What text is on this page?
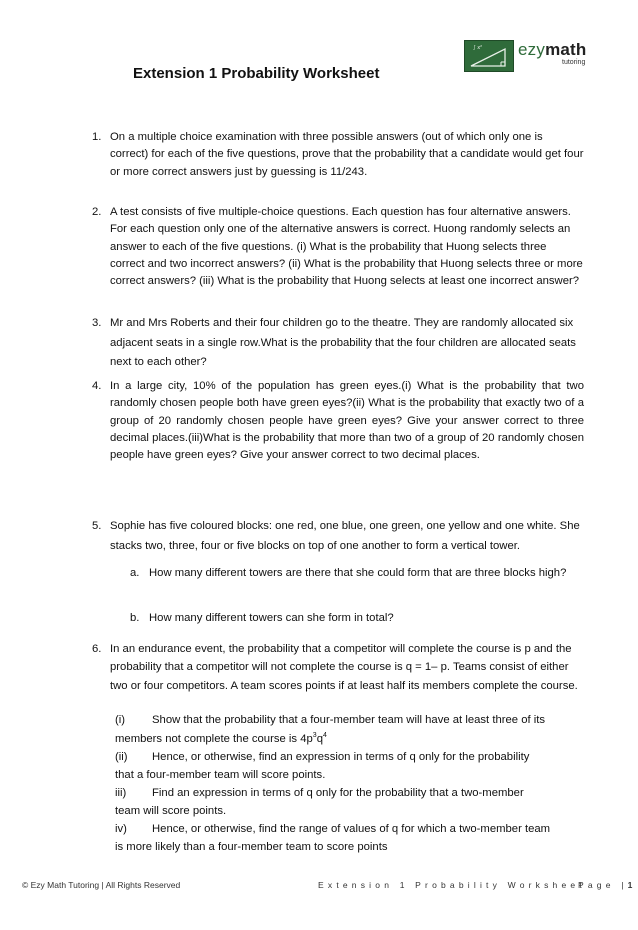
∫ x² ezymath
tutoring
Extension 1 Probability Worksheet
1. On a multiple choice examination with three possible answers (out of which only one is correct) for each of the five questions, prove that the probability that a candidate would get four or more correct answers just by guessing is 11/243.
2. A test consists of five multiple-choice questions. Each question has four alternative answers. For each question only one of the alternative answers is correct. Huong randomly selects an answer to each of the five questions. (i) What is the probability that Huong selects three correct and two incorrect answers? (ii) What is the probability that Huong selects three or more correct answers? (iii) What is the probability that Huong selects at least one incorrect answer?
3. Mr and Mrs Roberts and their four children go to the theatre. They are randomly allocated six adjacent seats in a single row.What is the probability that the four children are allocated seats next to each other?
4. In a large city, 10% of the population has green eyes.(i) What is the probability that two randomly chosen people both have green eyes?(ii) What is the probability that exactly two of a group of 20 randomly chosen people have green eyes? Give your answer correct to three decimal places.(iii)What is the probability that more than two of a group of 20 randomly chosen people have green eyes? Give your answer correct to two decimal places.
5. Sophie has five coloured blocks: one red, one blue, one green, one yellow and one white. She stacks two, three, four or five blocks on top of one another to form a vertical tower.
a. How many different towers are there that she could form that are three blocks high?
b. How many different towers can she form in total?
6. In an endurance event, the probability that a competitor will complete the course is p and the probability that a competitor will not complete the course is q = 1– p. Teams consist of either two or four competitors. A team scores points if at least half its members complete the course.
(i) Show that the probability that a four-member team will have at least three of its
members not complete the course is $4p^3q^4$
(ii) Hence, or otherwise, find an expression in terms of q only for the probability
that a four-member team will score points.
iii) Find an expression in terms of q only for the probability that a two-member
team will score points.
iv) Hence, or otherwise, find the range of values of q for which a two-member team
is more likely than a four-member team to score points
© Ezy Math Tutoring | All Rights Reserved	Extension 1 Probability Worksheet
Page |1
